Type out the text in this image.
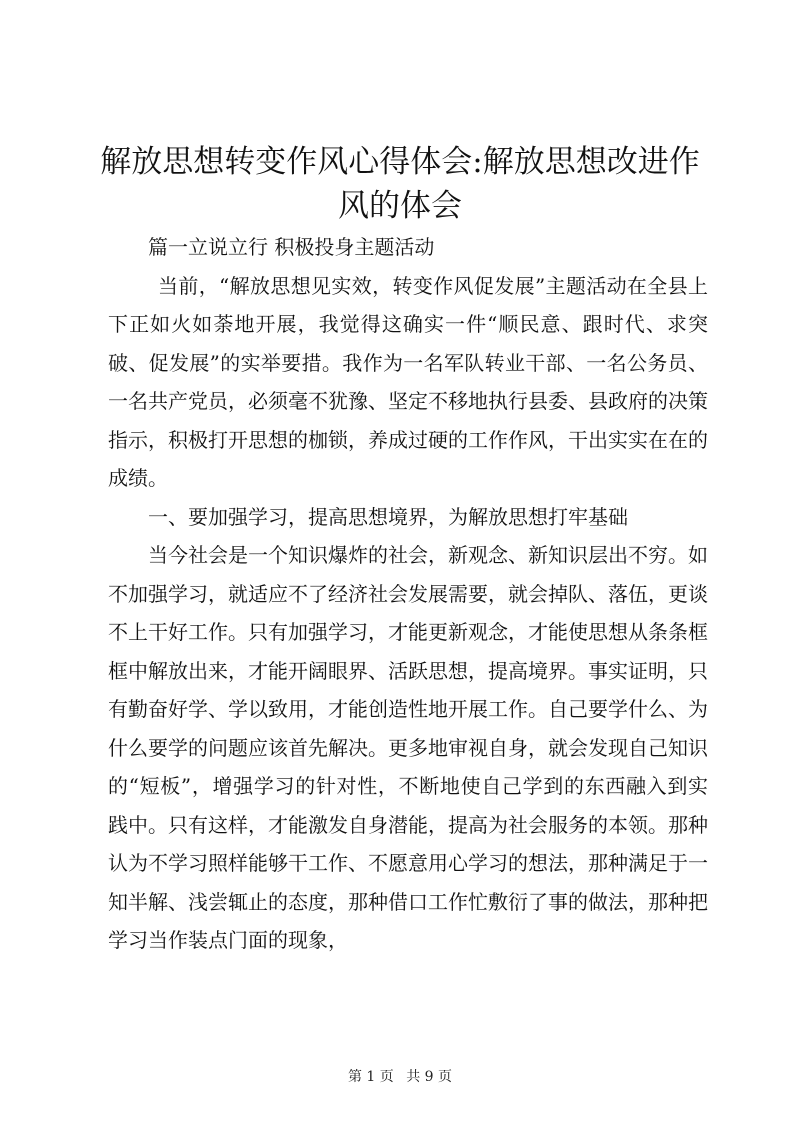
解放思想转变作风心得体会:解放思想改进作
风的体会

篇一立说立行 积极投身主题活动

当前，“解放思想见实效，转变作风促发展”主题活动在全县上下正如火如荼地开展，我觉得这确实一件“顺民意、跟时代、求突破、促发展”的实举要措。我作为一名军队转业干部、一名公务员、一名共产党员，必须毫不犹豫、坚定不移地执行县委、县政府的决策指示，积极打开思想的枷锁，养成过硬的工作作风，干出实实在在的成绩。

一、要加强学习，提高思想境界，为解放思想打牢基础

当今社会是一个知识爆炸的社会，新观念、新知识层出不穷。如不加强学习，就适应不了经济社会发展需要，就会掉队、落伍，更谈不上干好工作。只有加强学习，才能更新观念，才能使思想从条条框框中解放出来，才能开阔眼界、活跃思想，提高境界。事实证明，只有勤奋好学、学以致用，才能创造性地开展工作。自己要学什么、为什么要学的问题应该首先解决。更多地审视自身，就会发现自己知识的“短板”，增强学习的针对性，不断地使自己学到的东西融入到实践中。只有这样，才能激发自身潜能，提高为社会服务的本领。那种认为不学习照样能够干工作、不愿意用心学习的想法，那种满足于一知半解、浅尝辄止的态度，那种借口工作忙敷衍了事的做法，那种把学习当作装点门面的现象，

第 1 页 共 9 页
